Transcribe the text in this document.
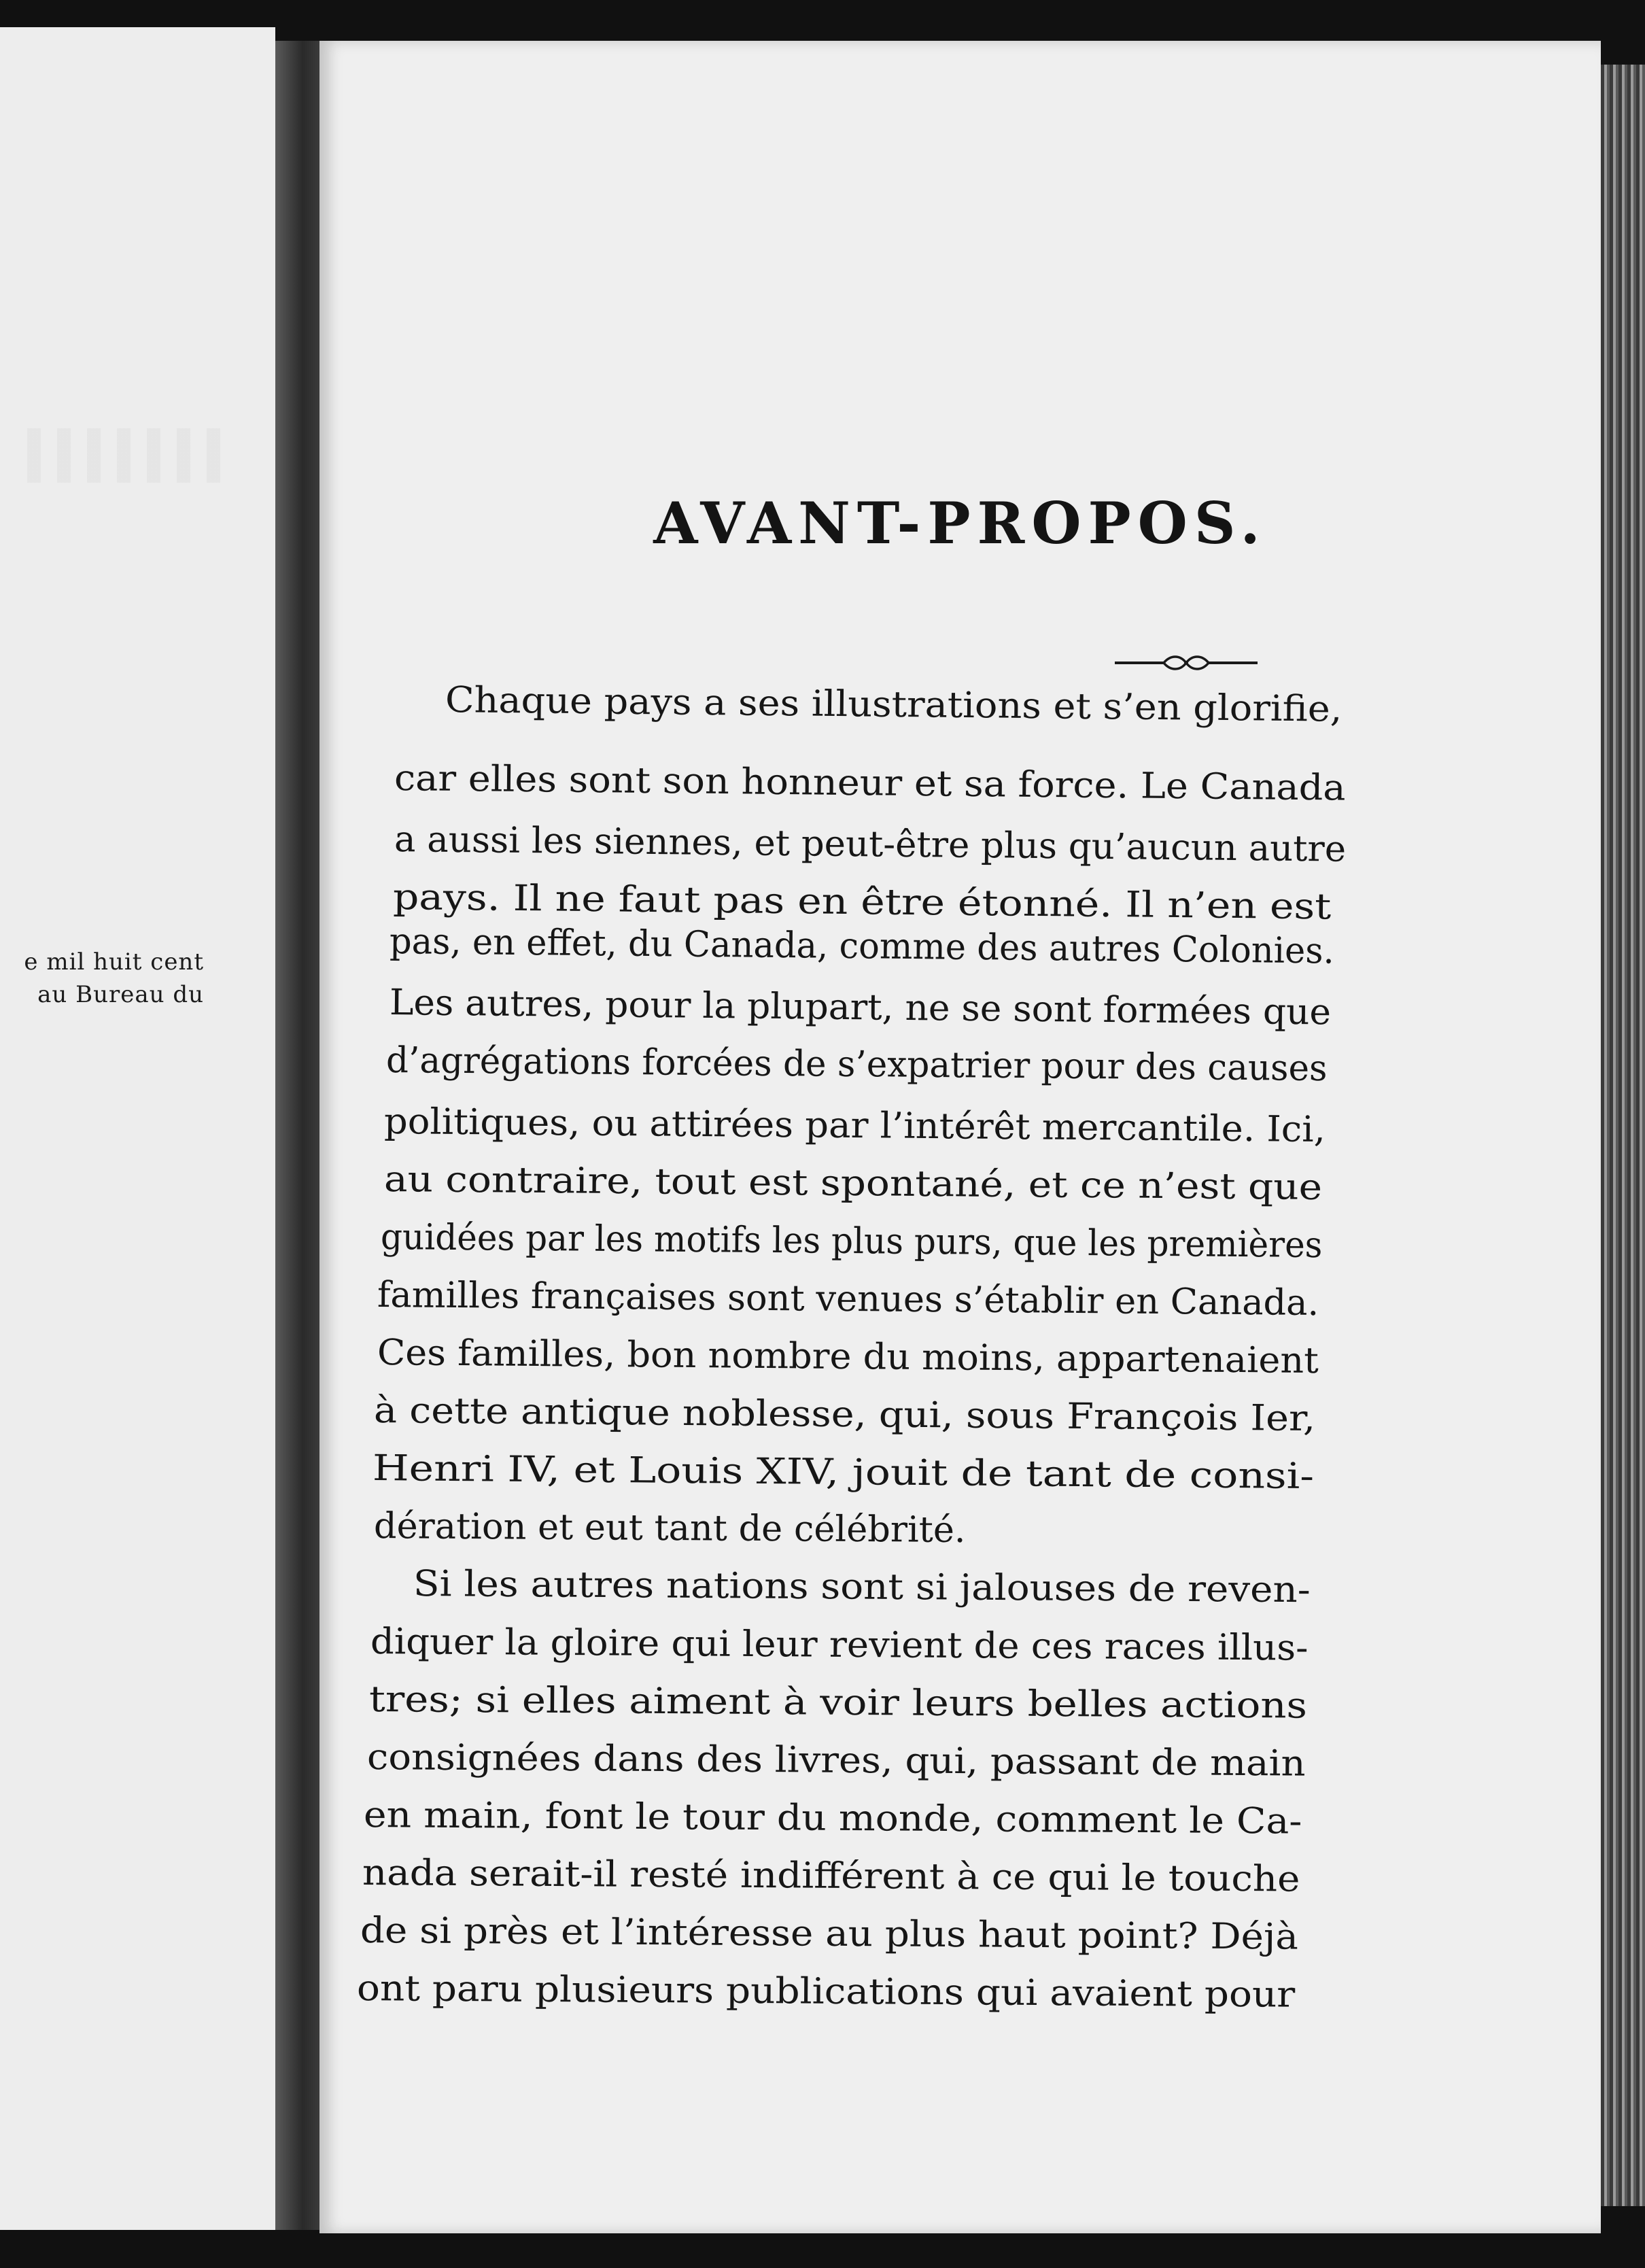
e mil huit cent
au Bureau du
AVANT-PROPOS.
Chaque pays a ses illustrations et s’en glorifie,
car elles sont son honneur et sa force. Le Canada
a aussi les siennes, et peut-être plus qu’aucun autre
pays. Il ne faut pas en être étonné. Il n’en est
pas, en effet, du Canada, comme des autres Colonies.
Les autres, pour la plupart, ne se sont formées que
d’agrégations forcées de s’expatrier pour des causes
politiques, ou attirées par l’intérêt mercantile. Ici,
au contraire, tout est spontané, et ce n’est que
guidées par les motifs les plus purs, que les premières
familles françaises sont venues s’établir en Canada.
Ces familles, bon nombre du moins, appartenaient
à cette antique noblesse, qui, sous François Ier,
Henri IV, et Louis XIV, jouit de tant de consi-
dération et eut tant de célébrité.
Si les autres nations sont si jalouses de reven-
diquer la gloire qui leur revient de ces races illus-
tres; si elles aiment à voir leurs belles actions
consignées dans des livres, qui, passant de main
en main, font le tour du monde, comment le Ca-
nada serait-il resté indifférent à ce qui le touche
de si près et l’intéresse au plus haut point? Déjà
ont paru plusieurs publications qui avaient pour
